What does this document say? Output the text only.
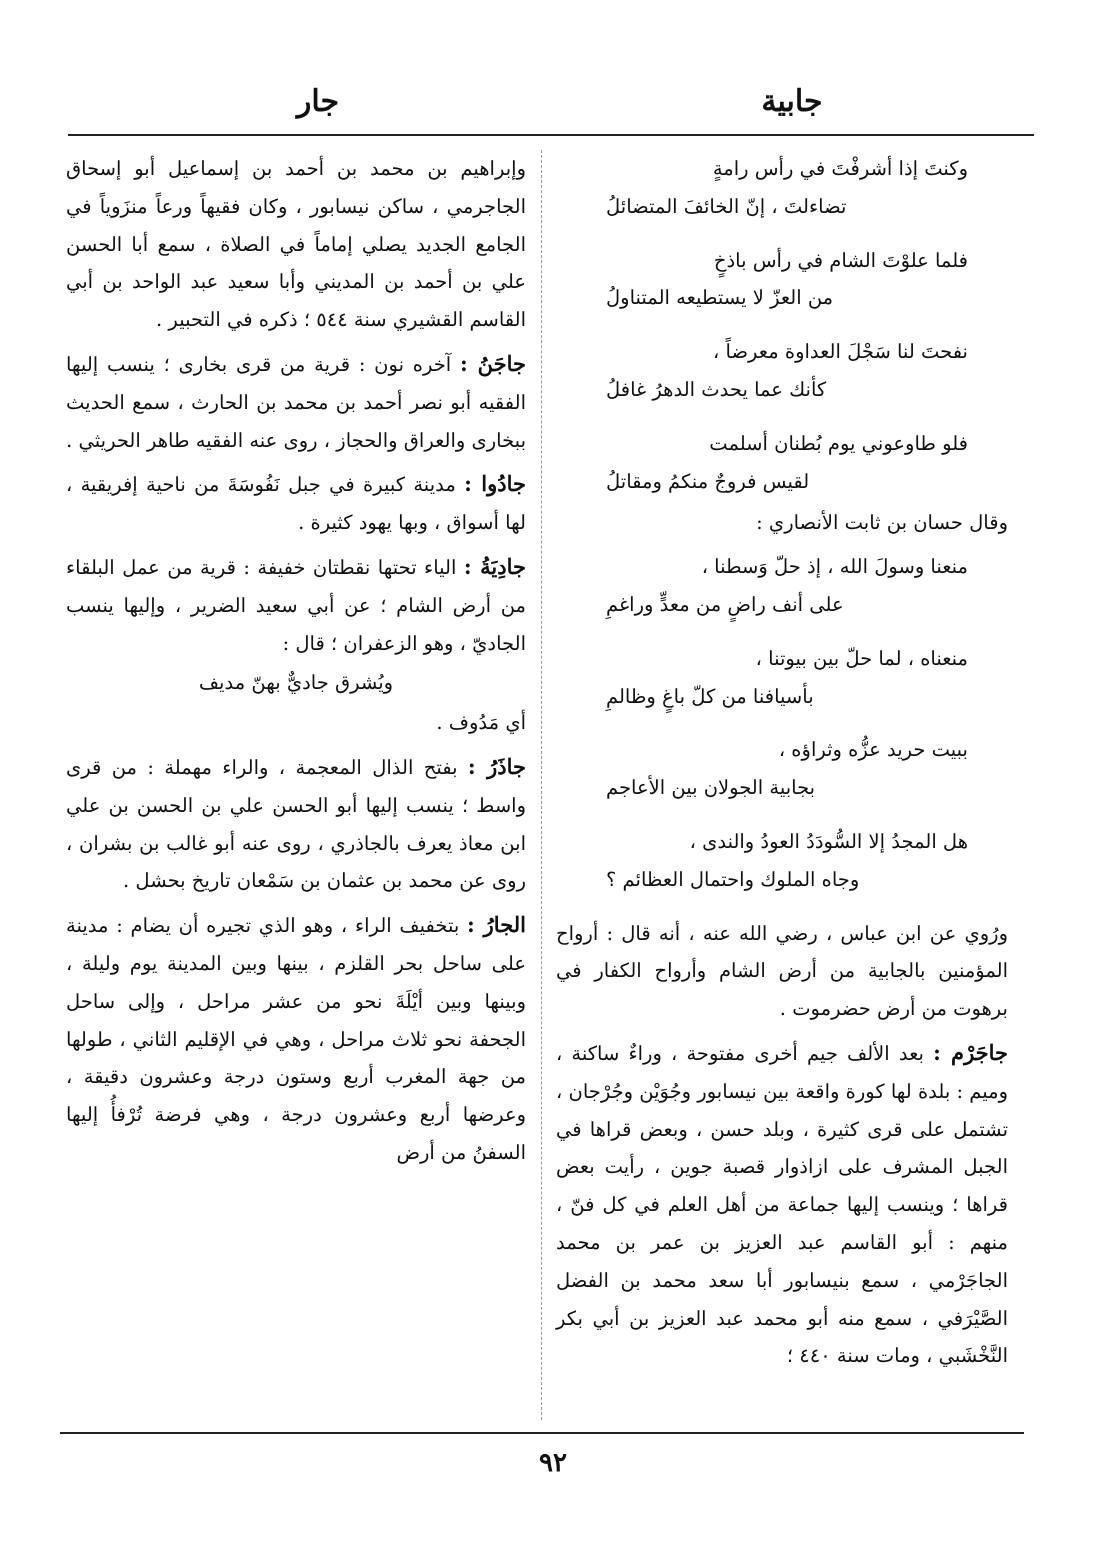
جابية
جار
وكنتَ إذا أشرفْتَ في رأس رامةٍ
تضاءلتَ ، إنّ الخائفَ المتضائلُ
فلما علوْتَ الشام في رأس باذخٍ
من العزّ لا يستطيعه المتناولُ
نفحتَ لنا سَجْلَ العداوة معرضاً ،
كأنك عما يحدث الدهرُ غافلُ
فلو طاوعوني يوم بُطنان أسلمت
لقيس فروجٌ منكمُ ومقاتلُ

وقال حسان بن ثابت الأنصاري :

منعنا وسولَ الله ، إذ حلّ وَسطنا ،
على أنف راضٍ من معدٍّ وراغمِ
منعناه ، لما حلّ بين بيوتنا ،
بأسيافنا من كلّ باغٍ وظالمِ
ببيت حريد عزُّه وثراؤه ،
بجابية الجولان بين الأعاجم
هل المجدُ إلا السُّودَدُ العودُ والندى ،
وجاه الملوك واحتمال العظائم ؟

ورُوي عن ابن عباس ، رضي الله عنه ، أنه قال : أرواح المؤمنين بالجابية من أرض الشام وأرواح الكفار في برهوت من أرض حضرموت .

جاجَرْم : بعد الألف جيم أخرى مفتوحة ، وراءٌ ساكنة ، وميم : بلدة لها كورة واقعة بين نيسابور وجُوَيْن وجُرْجان ، تشتمل على قرى كثيرة ، وبلد حسن ، وبعض قراها في الجبل المشرف على ازاذوار قصبة جوين ، رأيت بعض قراها ؛ وينسب إليها جماعة من أهل العلم في كل فنّ ، منهم : أبو القاسم عبد العزيز بن عمر بن محمد الجاجَرْمي ، سمع بنيسابور أبا سعد محمد بن الفضل الصَّيْرَفي ، سمع منه أبو محمد عبد العزيز بن أبي بكر النَّخْشَبي ، ومات سنة ٤٤٠ ؛

وإبراهيم بن محمد بن أحمد بن إسماعيل أبو إسحاق الجاجرمي ، ساكن نيسابور ، وكان فقيهاً ورعاً منزَوياً في الجامع الجديد يصلي إماماً في الصلاة ، سمع أبا الحسن علي بن أحمد بن المديني وأبا سعيد عبد الواحد بن أبي القاسم القشيري سنة ٥٤٤ ؛ ذكره في التحبير .

جاجَنُ : آخره نون : قرية من قرى بخارى ؛ ينسب إليها الفقيه أبو نصر أحمد بن محمد بن الحارث ، سمع الحديث ببخارى والعراق والحجاز ، روى عنه الفقيه طاهر الحريثي .

جادُوا : مدينة كبيرة في جبل نَفُوسَةَ من ناحية إفريقية ، لها أسواق ، وبها يهود كثيرة .

جادِيَةُ : الياء تحتها نقطتان خفيفة : قرية من عمل البلقاء من أرض الشام ؛ عن أبي سعيد الضرير ، وإليها ينسب الجاديّ ، وهو الزعفران ؛ قال :

ويُشرق جاديٌّ بهنّ مديف

أي مَدُوف .

جاذَرُ : بفتح الذال المعجمة ، والراء مهملة : من قرى واسط ؛ ينسب إليها أبو الحسن علي بن الحسن بن علي ابن معاذ يعرف بالجاذري ، روى عنه أبو غالب بن بشران ، روى عن محمد بن عثمان بن سَمْعان تاريخ بحشل .

الجارُ : بتخفيف الراء ، وهو الذي تجيره أن يضام : مدينة على ساحل بحر القلزم ، بينها وبين المدينة يوم وليلة ، وبينها وبين أيْلَةَ نحو من عشر مراحل ، وإلى ساحل الجحفة نحو ثلاث مراحل ، وهي في الإقليم الثاني ، طولها من جهة المغرب أربع وستون درجة وعشرون دقيقة ، وعرضها أربع وعشرون درجة ، وهي فرضة تُرْفأُ إليها السفنُ من أرض

٩٢
